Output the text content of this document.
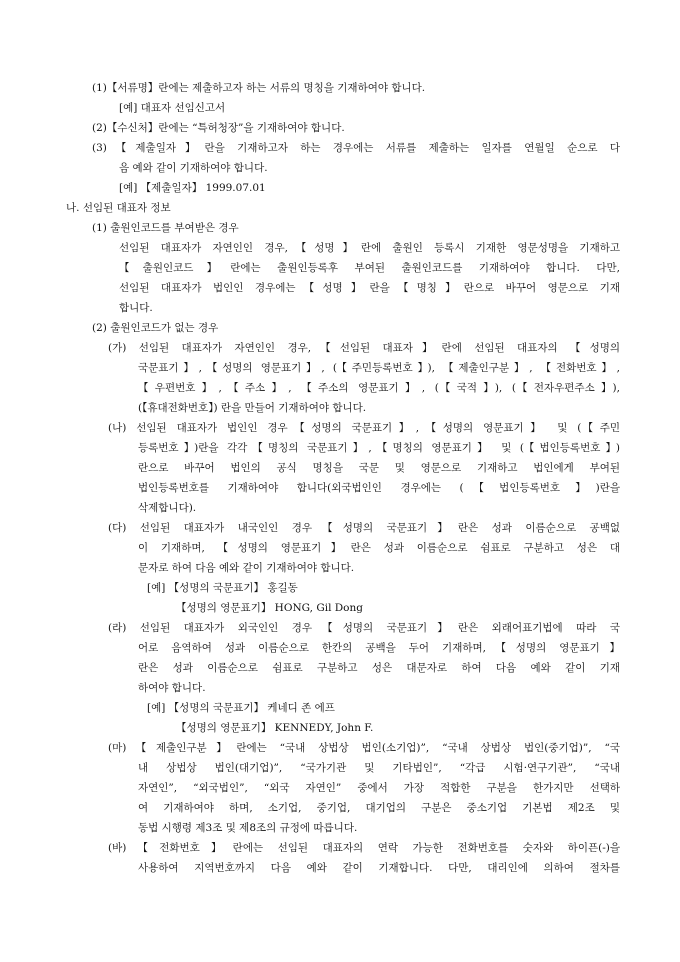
(1)【서류명】란에는 제출하고자 하는 서류의 명칭을 기재하여야 합니다.
[예] 대표자 선임신고서
(2)【수신처】란에는 “특허청장”을 기재하여야 합니다.
(3)【제출일자】란을 기재하고자 하는 경우에는 서류를 제출하는 일자를 연월일 순으로 다
음 예와 같이 기재하여야 합니다.
[예] 【제출일자】 1999.07.01
나. 선임된 대표자 정보
(1) 출원인코드를 부여받은 경우
선임된 대표자가 자연인인 경우,【성명】란에 출원인 등록시 기재한 영문성명을 기재하고
【출원인코드】란에는 출원인등록후 부여된 출원인코드를 기재하여야 합니다. 다만,
선임된 대표자가 법인인 경우에는【성명】란을【명칭】란으로 바꾸어 영문으로 기재
합니다.
(2) 출원인코드가 없는 경우
(가) 선임된 대표자가 자연인인 경우,【선임된 대표자】란에 선임된 대표자의 【성명의
국문표기】,【성명의 영문표기】, (【주민등록번호】), 【제출인구분】, 【전화번호】,
【우편번호】,【주소】, 【주소의 영문표기】, (【국적】), (【전자우편주소】),
(【휴대전화번호】) 란을 만들어 기재하여야 합니다.
(나) 선임된 대표자가 법인인 경우【성명의 국문표기】,【성명의 영문표기】 및 (【주민
등록번호】)란을 각각【명칭의 국문표기】,【명칭의 영문표기】 및 (【법인등록번호】)
란으로 바꾸어 법인의 공식 명칭을 국문 및 영문으로 기재하고 법인에게 부여된
법인등록번호를 기재하여야 합니다(외국법인인 경우에는 (【법인등록번호】)란을
삭제합니다).
(다) 선임된 대표자가 내국인인 경우【성명의 국문표기】란은 성과 이름순으로 공백없
이 기재하며, 【성명의 영문표기】란은 성과 이름순으로 쉼표로 구분하고 성은 대
문자로 하여 다음 예와 같이 기재하여야 합니다.
[예] 【성명의 국문표기】 홍길동
【성명의 영문표기】 HONG, Gil Dong
(라) 선임된 대표자가 외국인인 경우【성명의 국문표기】란은 외래어표기법에 따라 국
어로 음역하여 성과 이름순으로 한칸의 공백을 두어 기재하며,【성명의 영문표기】
란은 성과 이름순으로 쉼표로 구분하고 성은 대문자로 하여 다음 예와 같이 기재
하여야 합니다.
[예] 【성명의 국문표기】 케네디 존 에프
【성명의 영문표기】 KENNEDY, John F.
(마)【제출인구분】란에는 “국내 상법상 법인(소기업)”, “국내 상법상 법인(중기업)”, “국
내 상법상 법인(대기업)”, “국가기관 및 기타법인”, “각급 시험·연구기관”, “국내
자연인”, “외국법인”, “외국 자연인” 중에서 가장 적합한 구분을 한가지만 선택하
여 기재하여야 하며, 소기업, 중기업, 대기업의 구분은 중소기업 기본법 제2조 및
동법 시행령 제3조 및 제8조의 규정에 따릅니다.
(바)【전화번호】란에는 선임된 대표자의 연락 가능한 전화번호를 숫자와 하이픈(-)을
사용하여 지역번호까지 다음 예와 같이 기재합니다. 다만, 대리인에 의하여 절차를
